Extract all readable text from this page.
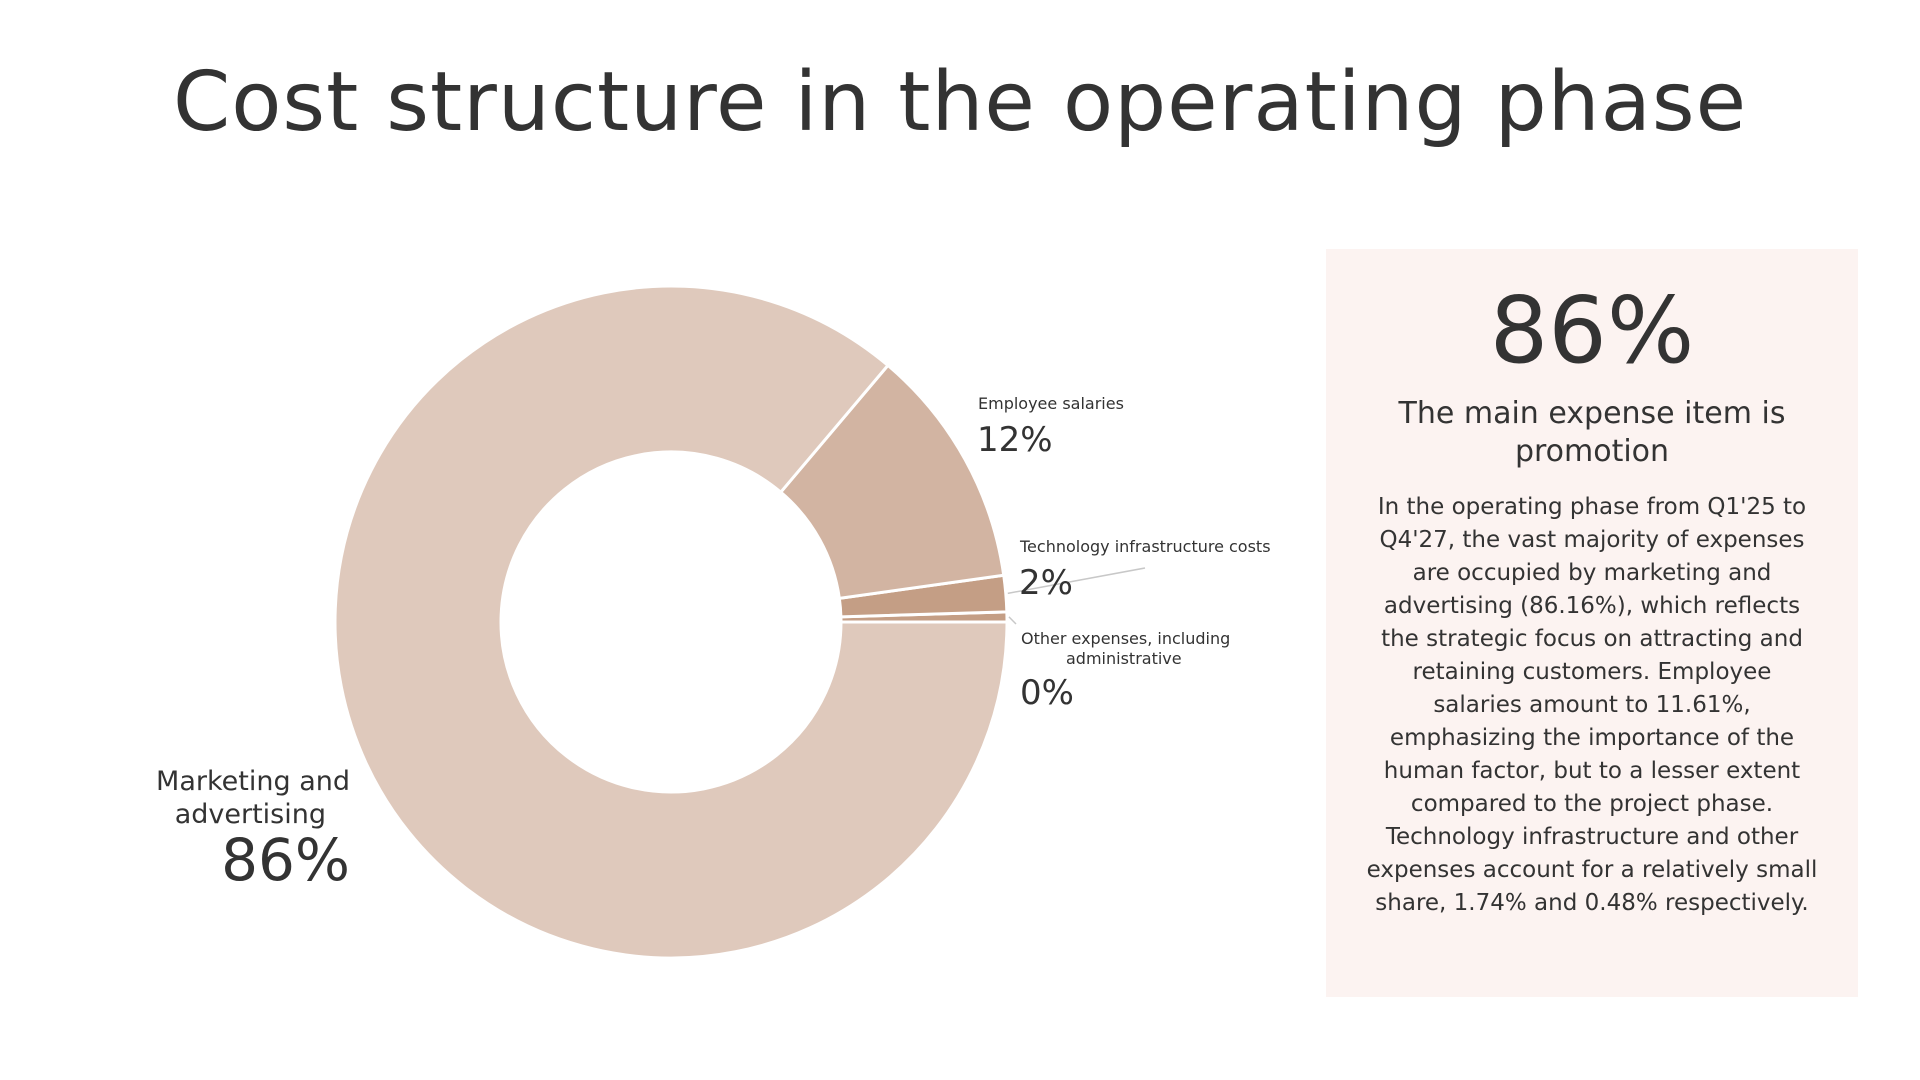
Cost structure in the operating phase
Employee salaries
12%
Technology infrastructure costs
2%
Other expenses, including
administrative
0%
Marketing and
advertising
86%
86%
The main expense item is promotion
In the operating phase from Q1'25 to Q4'27, the vast majority of expenses are occupied by marketing and advertising (86.16%), which reflects the strategic focus on attracting and retaining customers. Employee salaries amount to 11.61%, emphasizing the importance of the human factor, but to a lesser extent compared to the project phase. Technology infrastructure and other expenses account for a relatively small share, 1.74% and 0.48% respectively.
